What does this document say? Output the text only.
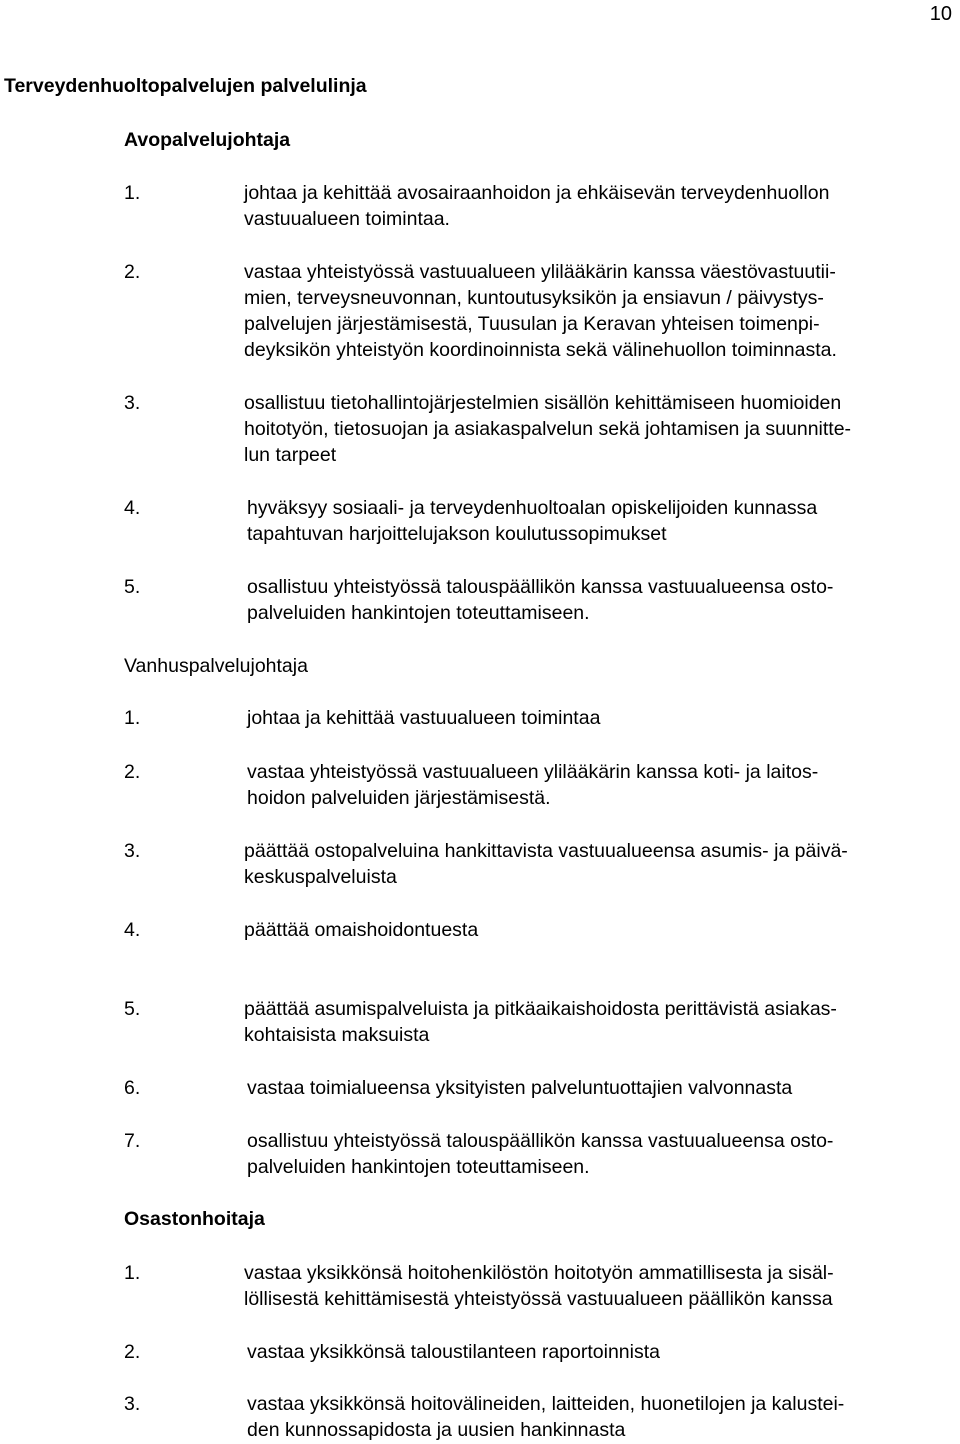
10
Terveydenhuoltopalvelujen palvelulinja
Avopalvelujohtaja
1.	johtaa ja kehittää avosairaanhoidon ja ehkäisevän terveydenhuollon
vastuualueen toimintaa.

2.	vastaa yhteistyössä vastuualueen ylilääkärin kanssa väestövastuutii-
mien, terveysneuvonnan, kuntoutusyksikön ja ensiavun / päivystys-
palvelujen järjestämisestä, Tuusulan ja Keravan yhteisen toimenpi-
deyksikön yhteistyön koordinoinnista sekä välinehuollon toiminnasta.

3.	osallistuu tietohallintojärjestelmien sisällön kehittämiseen huomioiden
hoitotyön, tietosuojan ja asiakaspalvelun sekä johtamisen ja suunnitte-
lun tarpeet

4.	hyväksyy sosiaali- ja terveydenhuoltoalan opiskelijoiden kunnassa
tapahtuvan harjoittelujakson koulutussopimukset

5.	osallistuu yhteistyössä talouspäällikön kanssa vastuualueensa osto-
palveluiden hankintojen toteuttamiseen.

Vanhuspalvelujohtaja
1.	johtaa ja kehittää vastuualueen toimintaa

2.	vastaa yhteistyössä vastuualueen ylilääkärin kanssa koti- ja laitos-
hoidon palveluiden järjestämisestä.

3.	päättää ostopalveluina hankittavista vastuualueensa asumis- ja päivä-
keskuspalveluista

4.	päättää omaishoidontuesta

5.	päättää asumispalveluista ja pitkäaikaishoidosta perittävistä asiakas-
kohtaisista maksuista

6.	vastaa toimialueensa yksityisten palveluntuottajien valvonnasta

7.	osallistuu yhteistyössä talouspäällikön kanssa vastuualueensa osto-
palveluiden hankintojen toteuttamiseen.

Osastonhoitaja
1.	vastaa yksikkönsä hoitohenkilöstön hoitotyön ammatillisesta ja sisäl-
löllisestä kehittämisestä yhteistyössä vastuualueen päällikön kanssa

2.	vastaa yksikkönsä taloustilanteen raportoinnista

3.	vastaa yksikkönsä hoitovälineiden, laitteiden, huonetilojen ja kalustei-
den kunnossapidosta ja uusien hankinnasta
